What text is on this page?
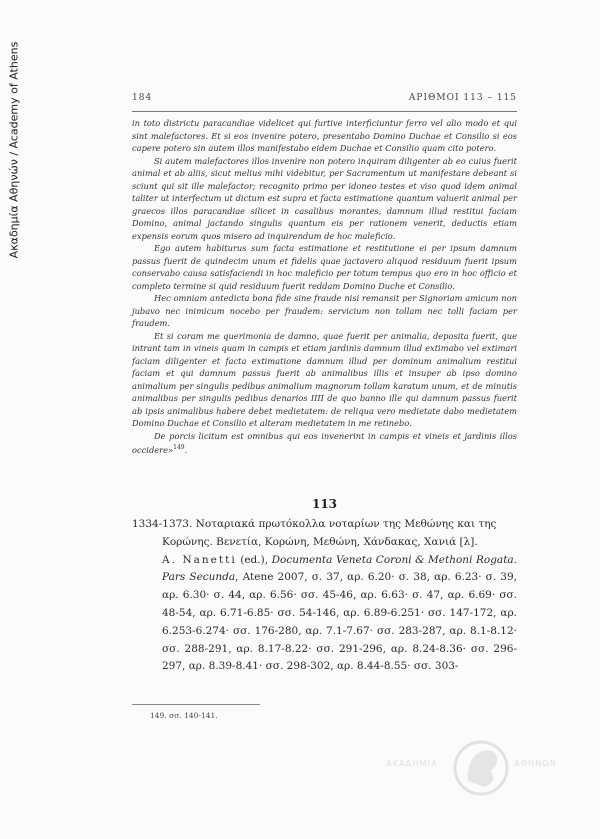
Ακαδημία Αθηνών / Academy of Athens	184	ΑΡΙΘΜΟΙ 113 – 115

in toto districtu paracandiae videlicet qui furtive interficiuntur ferro vel alio modo et qui sint malefactores. Et si eos invenire potero, presentabo Domino Duchae et Consilio si eos capere potero sin autem illos manifestabo eidem Duchae et Consilio quam cito potero.

Si autem malefactores illos invenire non potero inquiram diligenter ab eo cuius fuerit animal et ab aliis, sicut melius mihi videbitur, per Sacramentum ut manifestare debeant si sciunt qui sit ille malefactor; recognito primo per idoneo testes et viso quod idem animal taliter ut interfectum ut dictum est supra et facta estimatione quantum valuerit animal per graecos illos paracandiae silicet in casalibus morantes, damnum illud restitui faciam Domino, animal jactando singulis quantum eis per rationem venerit, deductis etiam expensis eorum quos misero ad inquirendum de hoc maleficio.

Ego autem habiturus sum facta estimatione et restitutione ei per ipsum damnum passus fuerit de quindecim unum et fidelis quae jactavero aliquod residuum fuerit ipsum conservabo causa satisfaciendi in hoc maleficio per totum tempus quo ero in hoc officio et completo termine si quid residuum fuerit reddam Domino Duche et Consilio.

Hec omniam antedicta bona fide sine fraude nisi remansit per Signoriam amicum non jubavo nec inimicum nocebo per fraudem: servicium non tollam nec tolli faciam per fraudem.

Et si coram me querimonia de damno, quae fuerit per animalia, deposita fuerit, que intrant tam in vineis quam in campis et etiam jardinis damnum illud extimabo vel extimari faciam diligenter et facta extimatione damnum illud per dominum animalium restitui faciam et qui damnum passus fuerit ab animalibus illis et insuper ab ipso domino animalium per singulis pedibus animalium magnorum tollam karatum unum, et de minutis animalibus per singulis pedibus denarios IIII de quo banno ille qui damnum passus fuerit ab ipsis animalibus habere debet medietatem: de reliqua vero medietate dabo medietatem Domino Duchae et Consilio et alteram medietatem in me retinebo.

De porcis licitum est omnibus qui eos invenerint in campis et vineis et jardinis illos occidere»$^{149}$.

113

1334-1373. Νοταριακά πρωτόκολλα νοταρίων της Μεθώνης και της Κορώνης. Βενετία, Κορώνη, Μεθώνη, Χάνδακας, Χανιά [λ].

A. Nanetti (ed.), Documenta Veneta Coroni & Methoni Rogata. Pars Secunda, Atene 2007, σ. 37, αρ. 6.20· σ. 38, αρ. 6.23· σ. 39, αρ. 6.30· σ. 44, αρ. 6.56· σσ. 45-46, αρ. 6.63· σ. 47, αρ. 6.69· σσ. 48-54, αρ. 6.71-6.85· σσ. 54-146, αρ. 6.89-6.251· σσ. 147-172, αρ. 6.253-6.274· σσ. 176-280, αρ. 7.1-7.67· σσ. 283-287, αρ. 8.1-8.12· σσ. 288-291, αρ. 8.17-8.22· σσ. 291-296, αρ. 8.24-8.36· σσ. 296-297, αρ. 8.39-8.41· σσ. 298-302, αρ. 8.44-8.55· σσ. 303-

149. σσ. 140-141.
ΑΚΑΔΗΜΙΑ	ΑΘΗΝΩΝ
